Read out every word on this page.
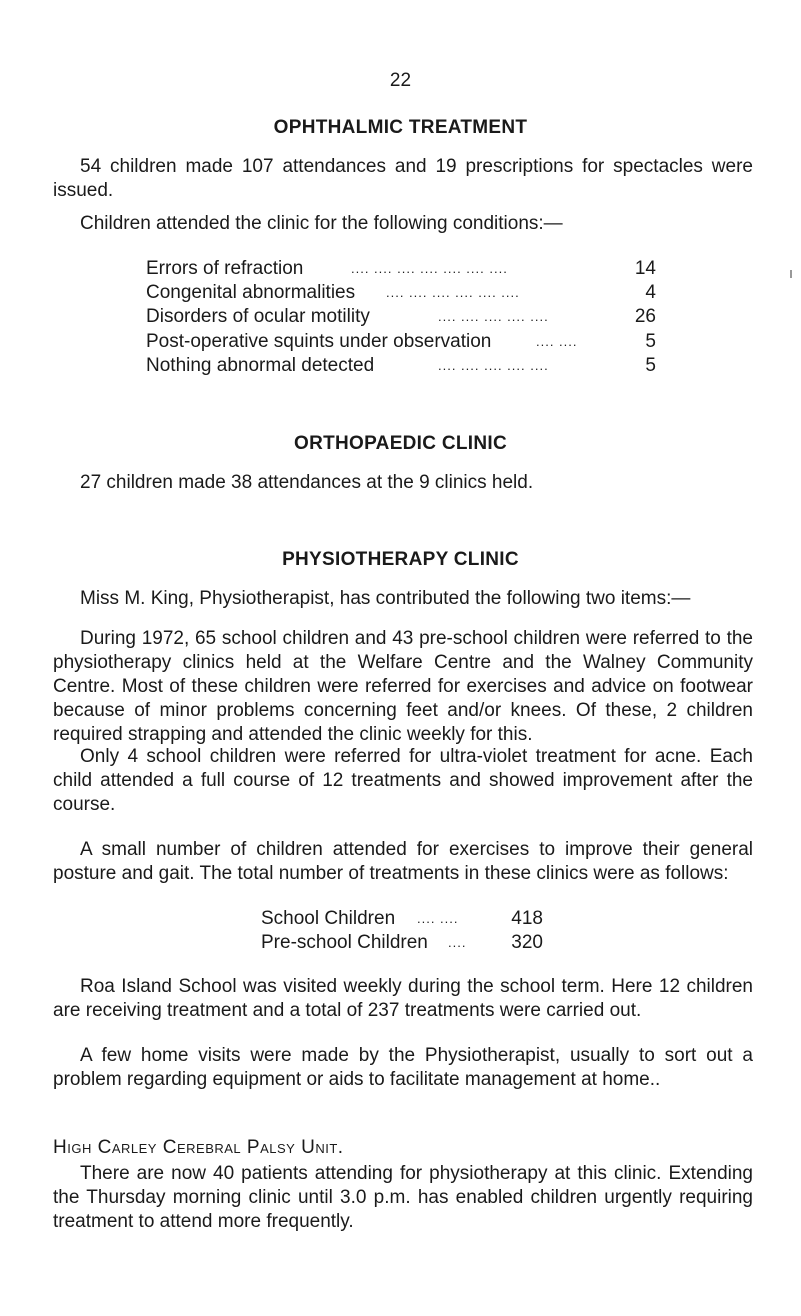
22
OPHTHALMIC TREATMENT

54 children made 107 attendances and 19 prescriptions for spectacles were issued.

Children attended the clinic for the following conditions:—

Errors of refraction	.... .... .... .... .... .... ....	14
Congenital abnormalities .... .... .... .... .... ....	4
Disorders of ocular motility	.... .... .... .... ....	26
Post-operative squints under observation	.... ....	5
Nothing abnormal detected	.... .... .... .... ....	5
ORTHOPAEDIC CLINIC

27 children made 38 attendances at the 9 clinics held.

PHYSIOTHERAPY CLINIC

Miss M. King, Physiotherapist, has contributed the following two items:—

During 1972, 65 school children and 43 pre-school children were referred to the physiotherapy clinics held at the Welfare Centre and the Walney Community Centre. Most of these children were referred for exercises and advice on footwear because of minor problems concerning feet and/or knees. Of these, 2 children required strapping and attended the clinic weekly for this.

Only 4 school children were referred for ultra-violet treatment for acne. Each child attended a full course of 12 treatments and showed improvement after the course.

A small number of children attended for exercises to improve their general posture and gait. The total number of treatments in these clinics were as follows:

School Children .... ....	418
Pre-school Children .... 320

Roa Island School was visited weekly during the school term. Here 12 children are receiving treatment and a total of 237 treatments were carried out.

A few home visits were made by the Physiotherapist, usually to sort out a problem regarding equipment or aids to facilitate management at home..

High Carley Cerebral Palsy Unit.

There are now 40 patients attending for physiotherapy at this clinic. Extending the Thursday morning clinic until 3.0 p.m. has enabled children urgently requiring treatment to attend more frequently.
